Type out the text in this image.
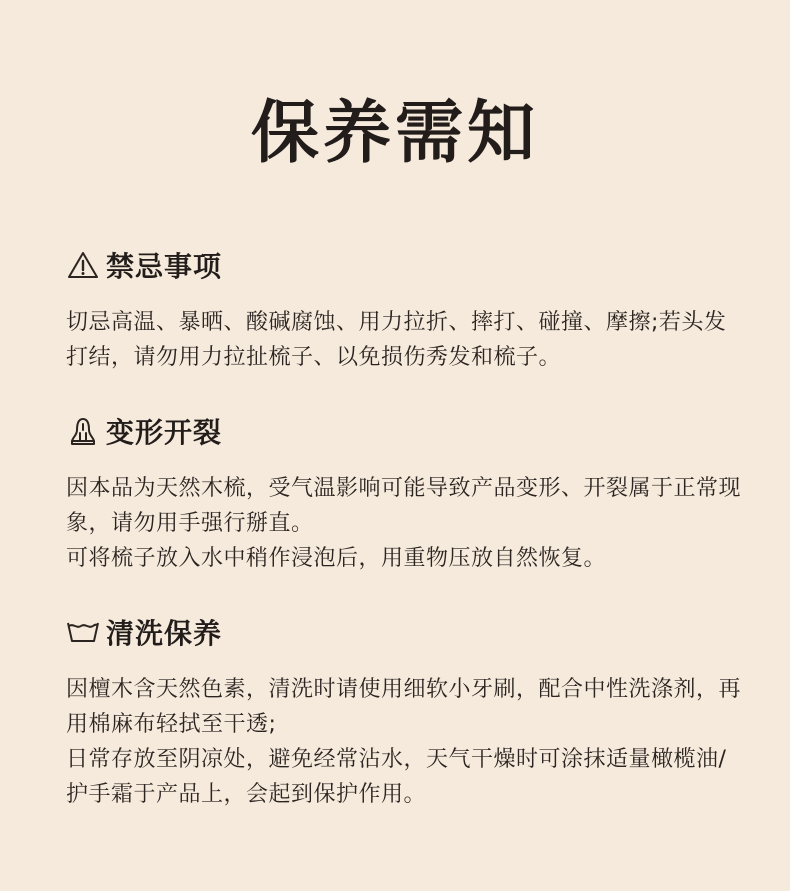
保养需知
禁忌事项
切忌高温、暴晒、酸碱腐蚀、用力拉折、摔打、碰撞、摩擦;若头发打结，请勿用力拉扯梳子、以免损伤秀发和梳子。
变形开裂
因本品为天然木梳，受气温影响可能导致产品变形、开裂属于正常现象，请勿用手强行掰直。
可将梳子放入水中稍作浸泡后，用重物压放自然恢复。
清洗保养
因檀木含天然色素，清洗时请使用细软小牙刷，配合中性洗涤剂，再用棉麻布轻拭至干透;
日常存放至阴凉处，避免经常沾水，天气干燥时可涂抹适量橄榄油/护手霜于产品上，会起到保护作用。
